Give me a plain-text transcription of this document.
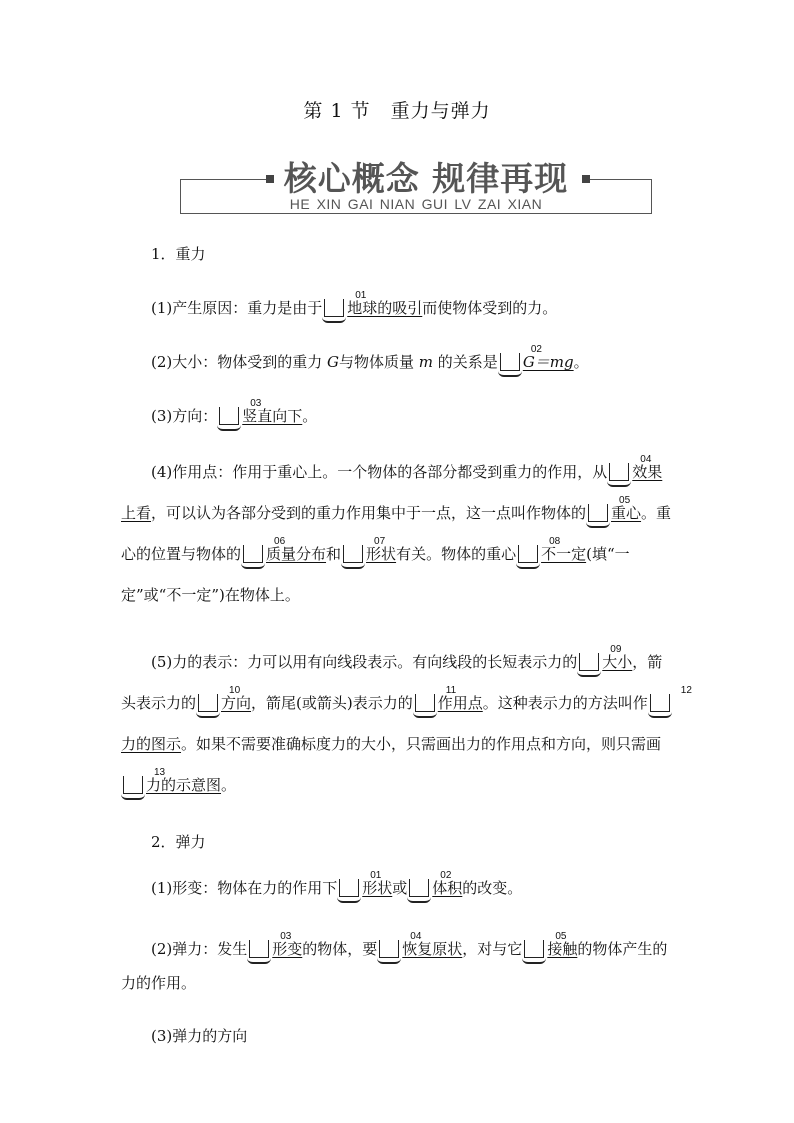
第 1 节　重力与弹力
核心概念 规律再现
HE XIN GAI NIAN GUI LV ZAI XIAN

1．重力

(1)产生原因：重力是由于
01
地球的吸引而使物体受到的力。

(2)大小：物体受到的重力 G与物体质量 m 的关系是
02
G＝mg。

(3)方向：
03
竖直向下。

(4)作用点：作用于重心上。一个物体的各部分都受到重力的作用，从
04
效果上看，可以认为各部分受到的重力作用集中于一点，这一点叫作物体的
05
重心。重心的位置与物体的
06
质量分布和
07
形状有关。物体的重心
08
不一定(填“一定”或“不一定”)在物体上。

(5)力的表示：力可以用有向线段表示。有向线段的长短表示力的
09
大小，箭头表示力的
10
方向，箭尾(或箭头)表示力的
11
作用点。这种表示力的方法叫作
12
力的图示。如果不需要准确标度力的大小，只需画出力的作用点和方向，则只需画
13
力的示意图。

2．弹力

(1)形变：物体在力的作用下
01
形状或
02
体积的改变。

(2)弹力：发生
03
形变的物体，要
04
恢复原状，对与它
05
接触的物体产生的力的作用。

(3)弹力的方向
